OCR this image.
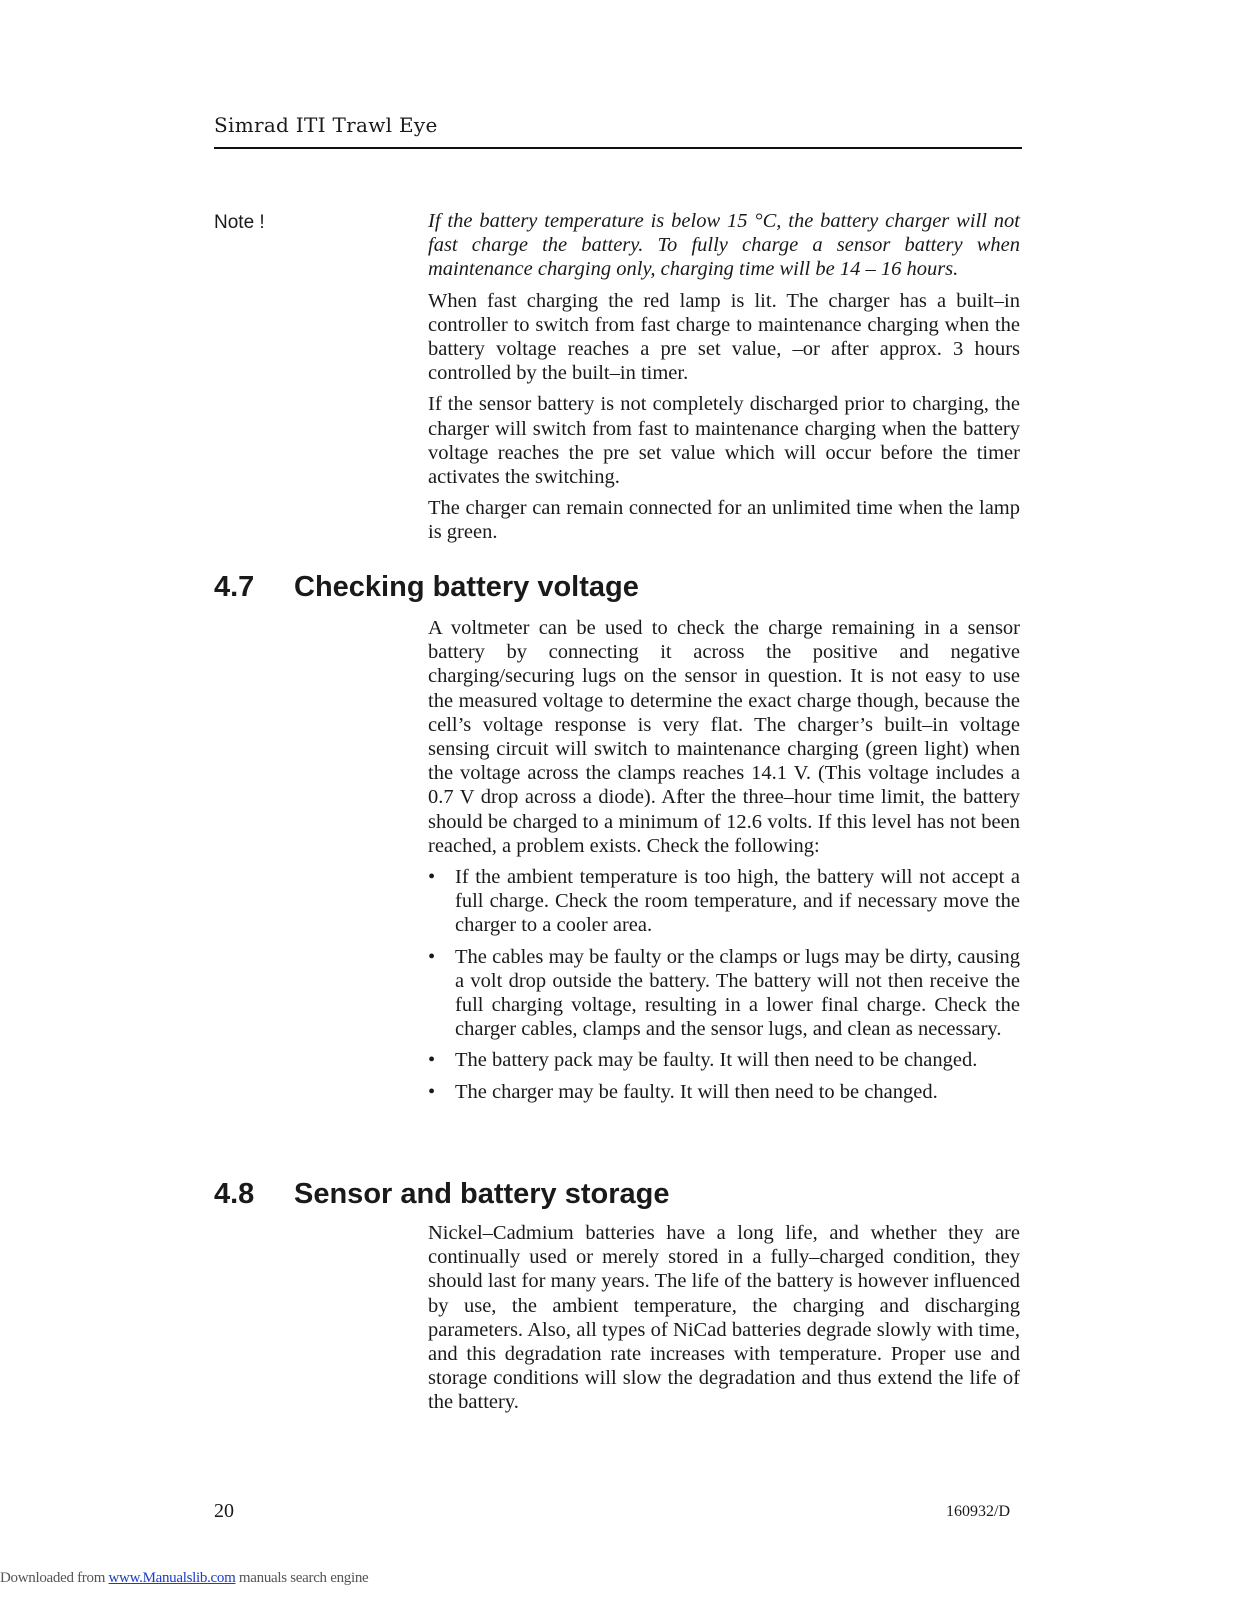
Simrad ITI Trawl Eye
Note !	If the battery temperature is below 15 °C, the battery charger will not fast charge the battery. To fully charge a sensor battery when maintenance charging only, charging time will be 14 – 16 hours.

When fast charging the red lamp is lit. The charger has a built–in controller to switch from fast charge to maintenance charging when the battery voltage reaches a pre set value, –or after approx. 3 hours controlled by the built–in timer.

If the sensor battery is not completely discharged prior to charging, the charger will switch from fast to maintenance charging when the battery voltage reaches the pre set value which will occur before the timer activates the switching.

The charger can remain connected for an unlimited time when the lamp is green.

4.7 Checking battery voltage

A voltmeter can be used to check the charge remaining in a sensor battery by connecting it across the positive and negative charging/securing lugs on the sensor in question. It is not easy to use the measured voltage to determine the exact charge though, because the cell’s voltage response is very flat. The charger’s built–in voltage sensing circuit will switch to maintenance charging (green light) when the voltage across the clamps reaches 14.1 V. (This voltage includes a 0.7 V drop across a diode). After the three–hour time limit, the battery should be charged to a minimum of 12.6 volts. If this level has not been reached, a problem exists. Check the following:

• If the ambient temperature is too high, the battery will not accept a full charge. Check the room temperature, and if necessary move the charger to a cooler area.
• The cables may be faulty or the clamps or lugs may be dirty, causing a volt drop outside the battery. The battery will not then receive the full charging voltage, resulting in a lower final charge. Check the charger cables, clamps and the sensor lugs, and clean as necessary.
• The battery pack may be faulty. It will then need to be changed.
• The charger may be faulty. It will then need to be changed.
4.8 Sensor and battery storage

Nickel–Cadmium batteries have a long life, and whether they are continually used or merely stored in a fully–charged condition, they should last for many years. The life of the battery is however influenced by use, the ambient temperature, the charging and discharging parameters. Also, all types of NiCad batteries degrade slowly with time, and this degradation rate increases with temperature. Proper use and storage conditions will slow the degradation and thus extend the life of the battery.

20	160932/D
Downloaded from www.Manualslib.com manuals search engine
